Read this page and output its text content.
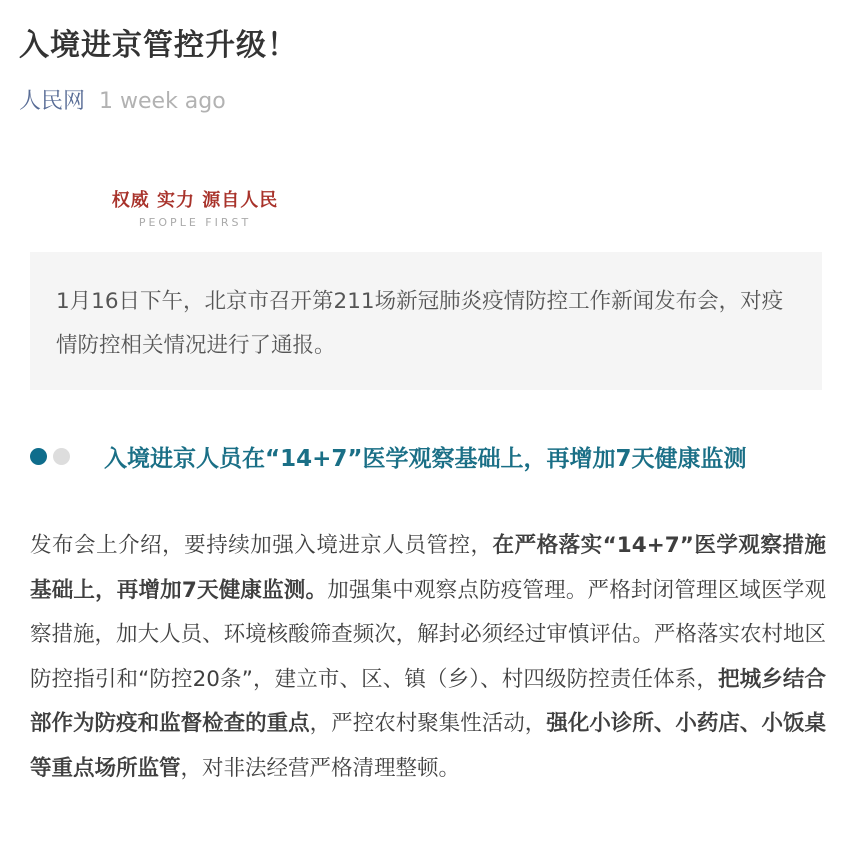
入境进京管控升级！
人民网 1 week ago
权威 实力 源自人民
PEOPLE FIRST
1月16日下午，北京市召开第211场新冠肺炎疫情防控工作新闻发布会，对疫情防控相关情况进行了通报。
入境进京人员在“14+7”医学观察基础上，再增加7天健康监测
发布会上介绍，要持续加强入境进京人员管控，在严格落实“14+7”医学观察措施基础上，再增加7天健康监测。加强集中观察点防疫管理。严格封闭管理区域医学观察措施，加大人员、环境核酸筛查频次，解封必须经过审慎评估。严格落实农村地区防控指引和“防控20条”，建立市、区、镇（乡）、村四级防控责任体系，把城乡结合部作为防疫和监督检查的重点，严控农村聚集性活动，强化小诊所、小药店、小饭桌等重点场所监管，对非法经营严格清理整顿。
